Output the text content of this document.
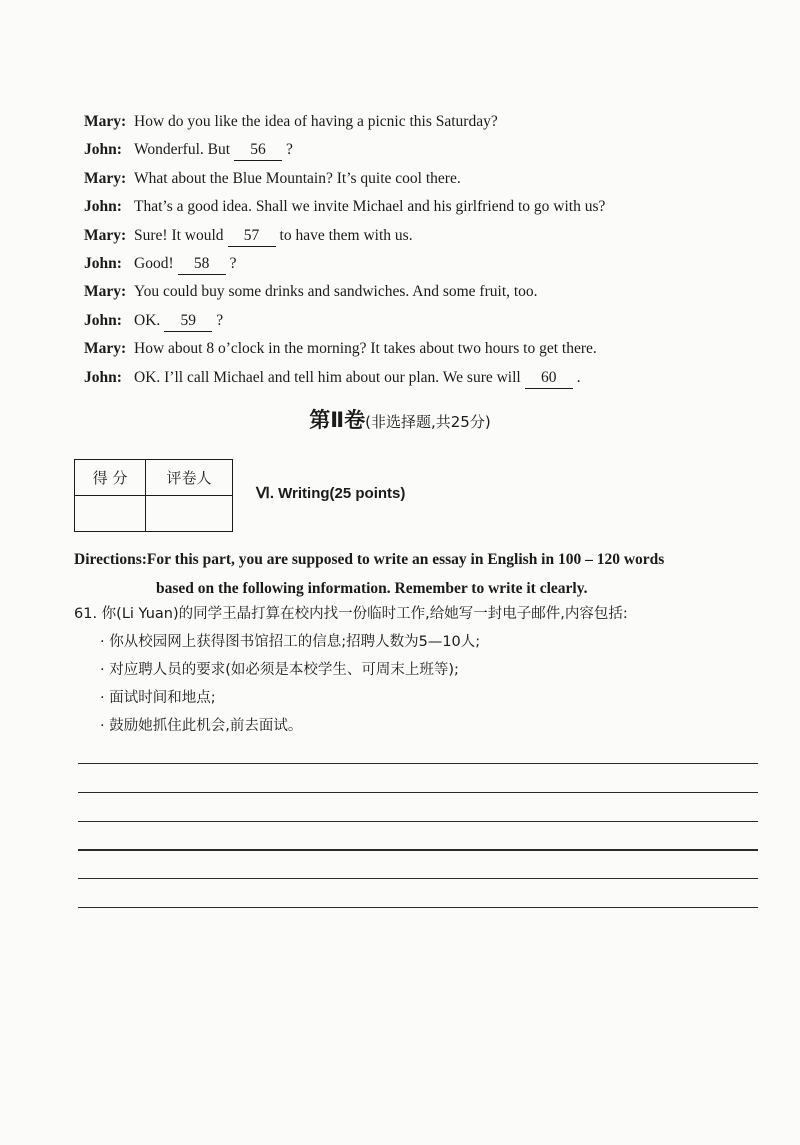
Mary: How do you like the idea of having a picnic this Saturday?
John: Wonderful. But 56 ?
Mary: What about the Blue Mountain? It’s quite cool there.
John: That’s a good idea. Shall we invite Michael and his girlfriend to go with us?
Mary: Sure! It would 57 to have them with us.
John: Good! 58 ?
Mary: You could buy some drinks and sandwiches. And some fruit, too.
John: OK. 59 ?
Mary: How about 8 o’clock in the morning? It takes about two hours to get there.
John: OK. I’ll call Michael and tell him about our plan. We sure will 60 .
第Ⅱ卷(非选择题,共25分)
得 分	评卷人

Ⅵ. Writing(25 points)
Directions:For this part, you are supposed to write an essay in English in 100 – 120 words
based on the following information. Remember to write it clearly.
61. 你(Li Yuan)的同学王晶打算在校内找一份临时工作,给她写一封电子邮件,内容包括:
· 你从校园网上获得图书馆招工的信息;招聘人数为5—10人;
· 对应聘人员的要求(如必须是本校学生、可周末上班等);
· 面试时间和地点;
· 鼓励她抓住此机会,前去面试。
